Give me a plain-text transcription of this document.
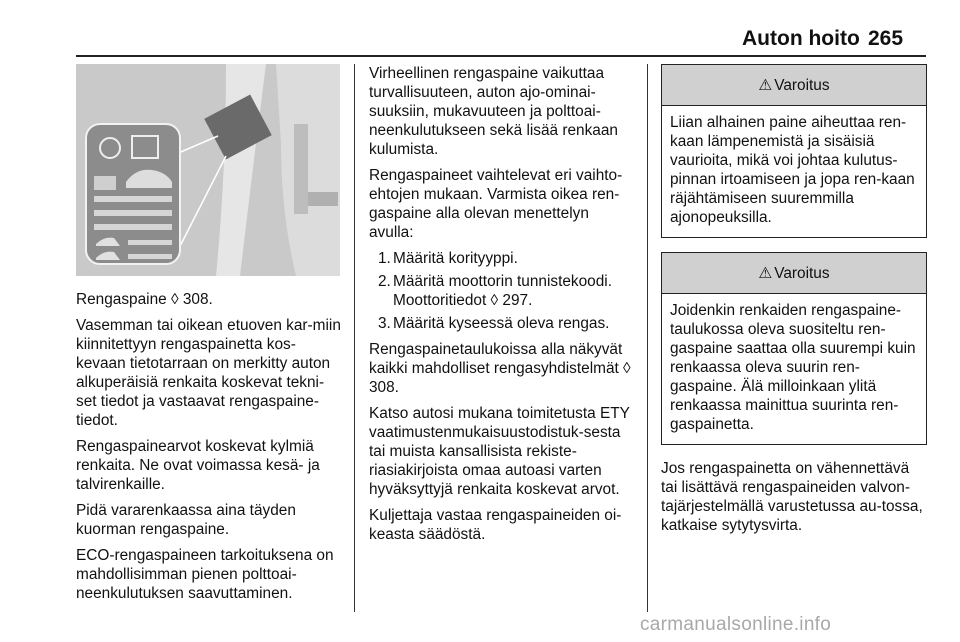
Auton hoito 265

Rengaspaine ◊ 308.

Vasemman tai oikean etuoven kar-miin kiinnitettyyn rengaspainetta kos-kevaan tietotarraan on merkitty auton alkuperäisiä renkaita koskevat tekni-set tiedot ja vastaavat rengaspaine-tiedot.

Rengaspainearvot koskevat kylmiä renkaita. Ne ovat voimassa kesä- ja talvirenkaille.

Pidä vararenkaassa aina täyden kuorman rengaspaine.

ECO-rengaspaineen tarkoituksena on mahdollisimman pienen polttoai-neenkulutuksen saavuttaminen.

Virheellinen rengaspaine vaikuttaa turvallisuuteen, auton ajo-ominai-suuksiin, mukavuuteen ja polttoai-neenkulutukseen sekä lisää renkaan kulumista.

Rengaspaineet vaihtelevat eri vaihto-ehtojen mukaan. Varmista oikea ren-gaspaine alla olevan menettelyn avulla:

1. Määritä korityyppi.
2. Määritä moottorin tunnistekoodi. Moottoritiedot ◊ 297.
3. Määritä kyseessä oleva rengas.

Rengaspainetaulukoissa alla näkyvät kaikki mahdolliset rengasyhdistelmät ◊ 308.

Katso autosi mukana toimitetusta ETY vaatimustenmukaisuustodistuk-sesta tai muista kansallisista rekiste-riasiakirjoista omaa autoasi varten hyväksyttyjä renkaita koskevat arvot.

Kuljettaja vastaa rengaspaineiden oi-keasta säädöstä.

⚠ Varoitus
Liian alhainen paine aiheuttaa ren-kaan lämpenemistä ja sisäisiä vaurioita, mikä voi johtaa kulutus-pinnan irtoamiseen ja jopa ren-kaan räjähtämiseen suuremmilla ajonopeuksilla.
⚠ Varoitus
Joidenkin renkaiden rengaspaine-taulukossa oleva suositeltu ren-gaspaine saattaa olla suurempi kuin renkaassa oleva suurin ren-gaspaine. Älä milloinkaan ylitä renkaassa mainittua suurinta ren-gaspainetta.

Jos rengaspainetta on vähennettävä tai lisättävä rengaspaineiden valvon-tajärjestelmällä varustetussa au-tossa, katkaise sytytysvirta.

carmanualsonline.info
